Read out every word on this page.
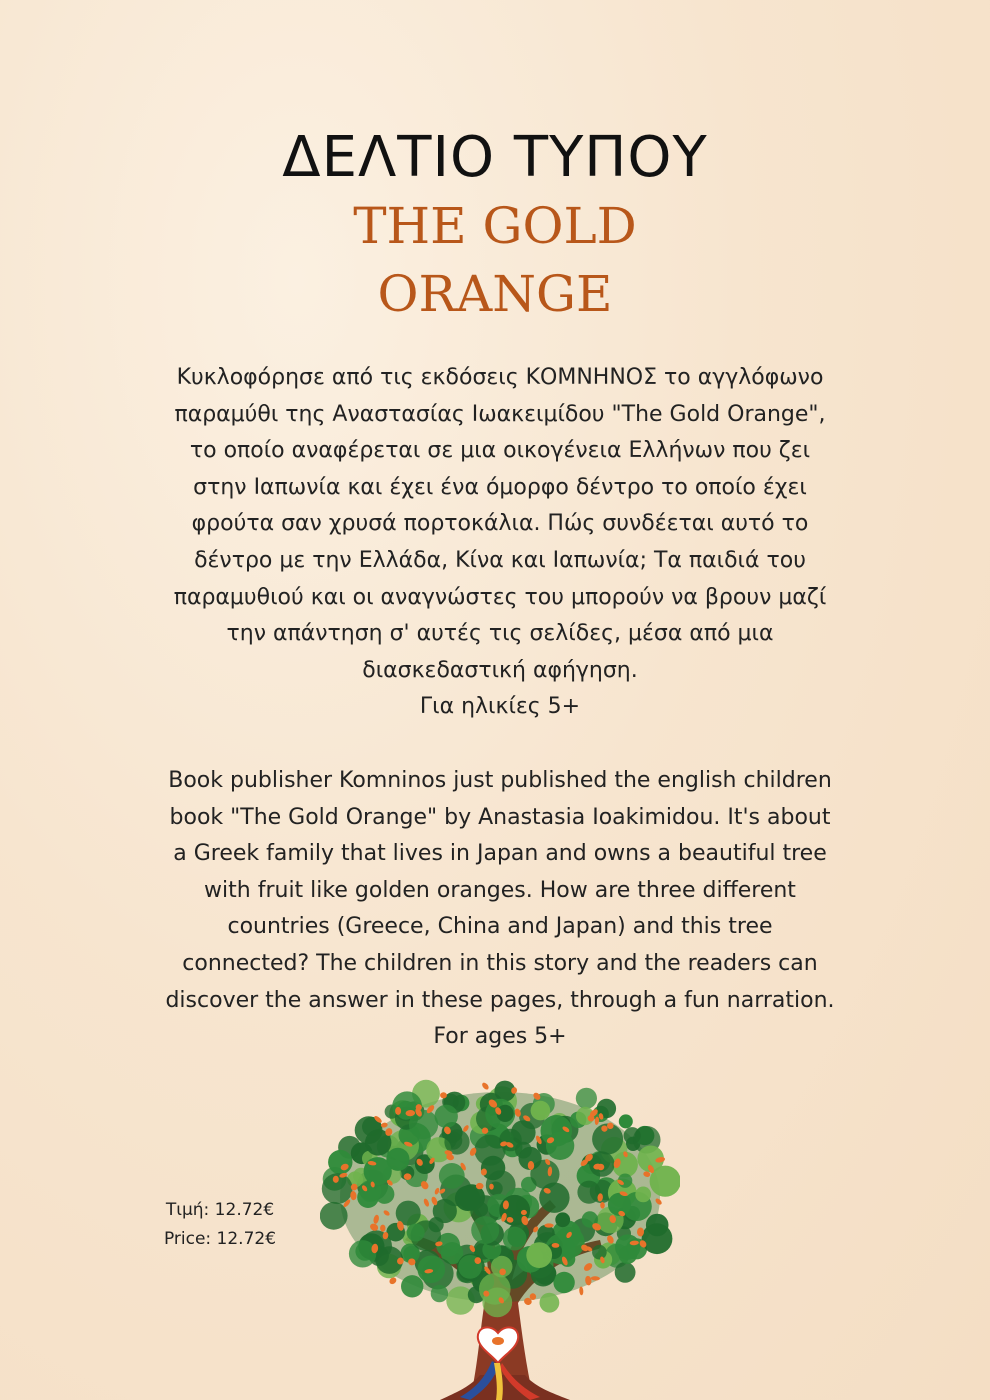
ΔΕΛΤΙΟ ΤΥΠΟΥ
THE GOLD
ORANGE
Κυκλοφόρησε από τις εκδόσεις ΚΟΜΝΗΝΟΣ το αγγλόφωνο
παραμύθι της Αναστασίας Ιωακειμίδου "The Gold Orange",
το οποίο αναφέρεται σε μια οικογένεια Ελλήνων που ζει
στην Ιαπωνία και έχει ένα όμορφο δέντρο το οποίο έχει
φρούτα σαν χρυσά πορτοκάλια. Πώς συνδέεται αυτό το
δέντρο με την Ελλάδα, Κίνα και Ιαπωνία; Τα παιδιά του
παραμυθιού και οι αναγνώστες του μπορούν να βρουν μαζί
την απάντηση σ' αυτές τις σελίδες, μέσα από μια
διασκεδαστική αφήγηση.
Για ηλικίες 5+
Book publisher Komninos just published the english children
book "The Gold Orange" by Anastasia Ioakimidou. It's about
a Greek family that lives in Japan and owns a beautiful tree
with fruit like golden oranges. How are three different
countries (Greece, China and Japan) and this tree
connected? The children in this story and the readers can
discover the answer in these pages, through a fun narration.
For ages 5+
Τιμή: 12.72€
Price: 12.72€
